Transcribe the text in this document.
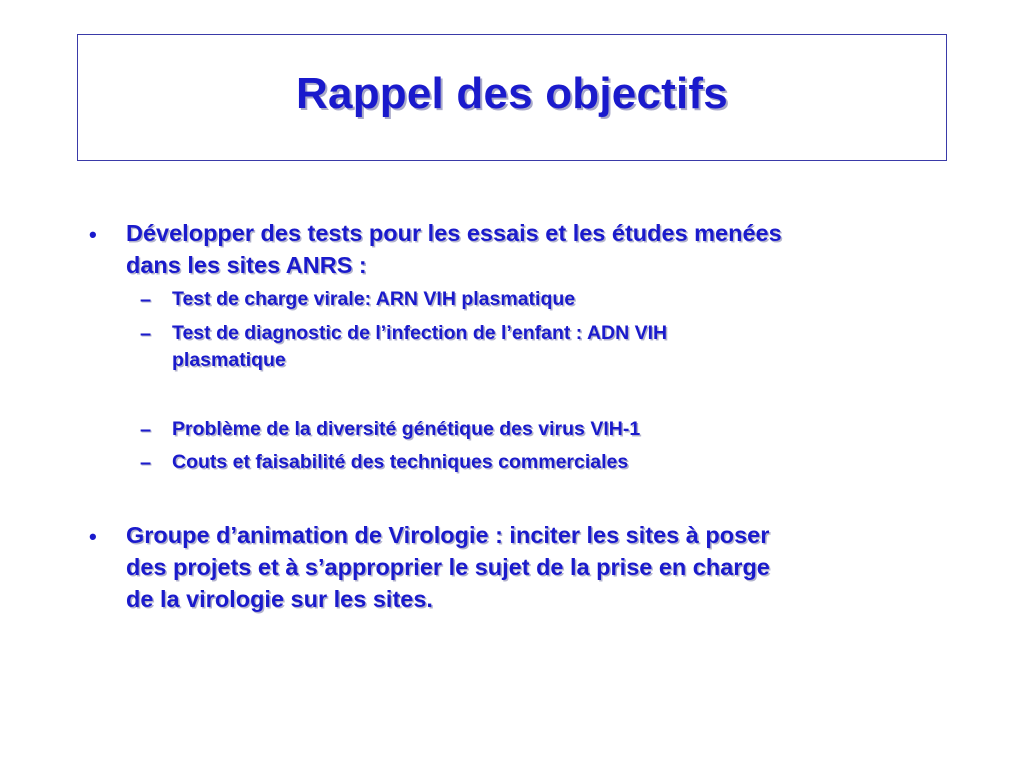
Rappel des objectifs
• Développer des tests pour les essais et les études menées
dans les sites ANRS :
– Test de charge virale: ARN VIH plasmatique
– Test de diagnostic de l’infection de l’enfant : ADN VIH
plasmatique
– Problème de la diversité génétique des virus VIH-1
– Couts et faisabilité des techniques commerciales
• Groupe d’animation de Virologie : inciter les sites à poser
des projets et à s’approprier le sujet de la prise en charge
de la virologie sur les sites.
